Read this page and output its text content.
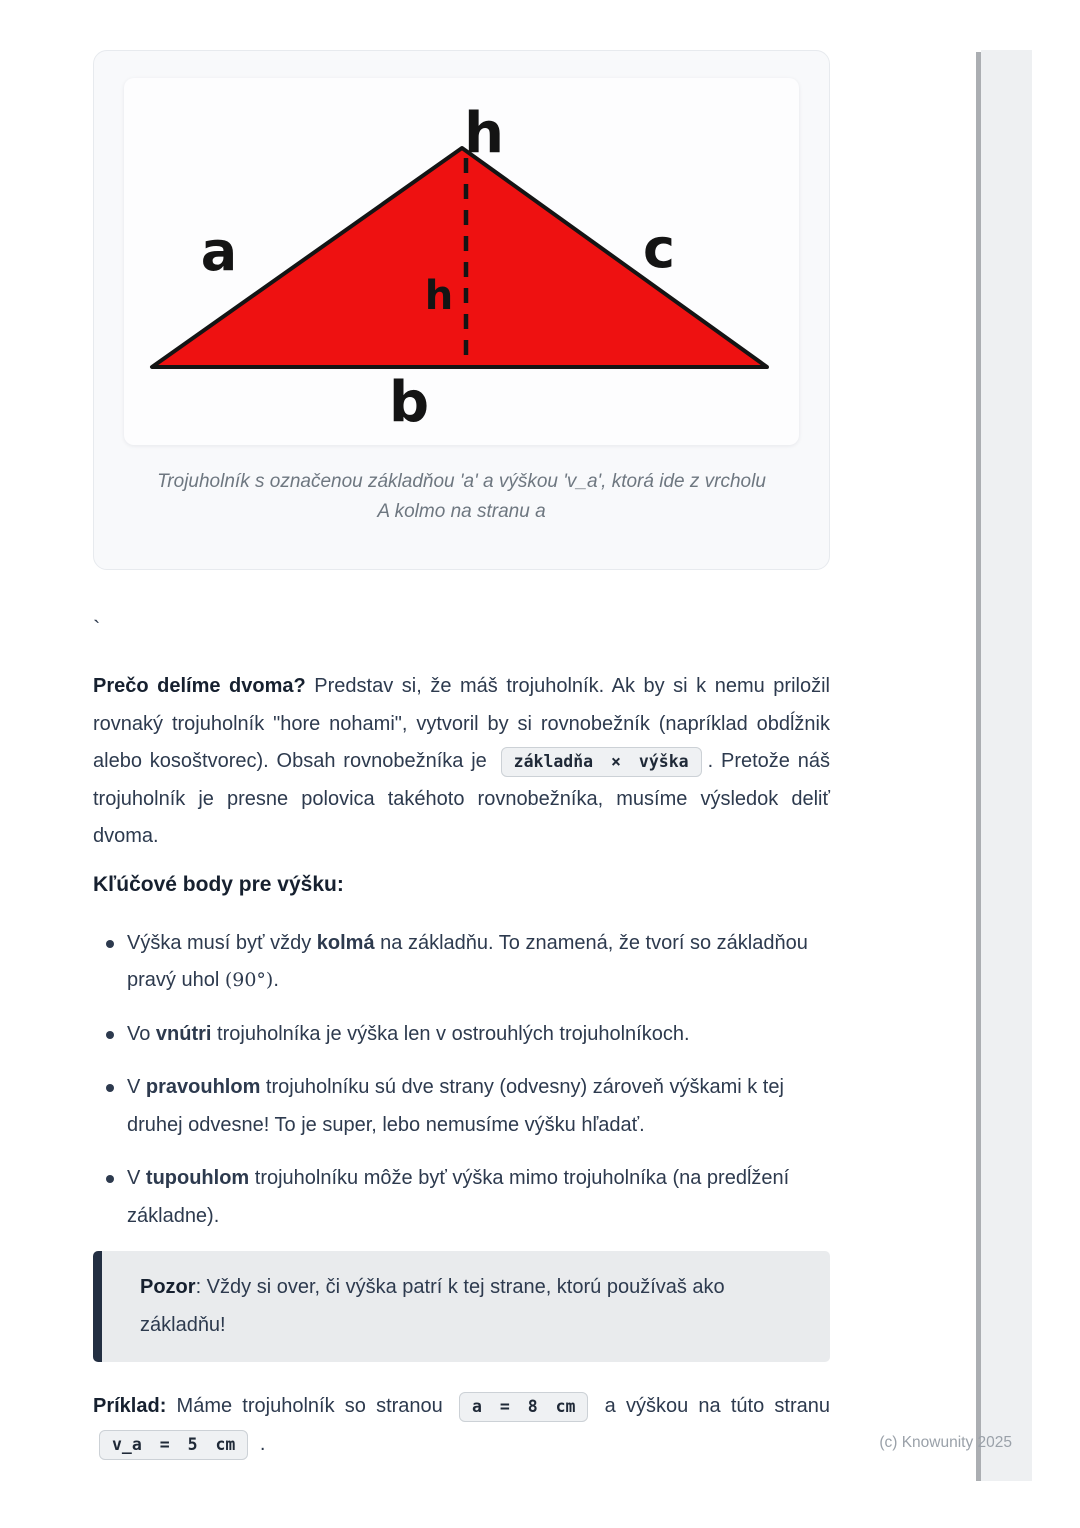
h
a	c
h
b
Trojuholník s označenou základňou 'a' a výškou 'v_a', ktorá ide z vrcholu A kolmo na stranu a
`

Prečo delíme dvoma? Predstav si, že máš trojuholník. Ak by si k nemu priložil rovnaký trojuholník "hore nohami", vytvoril by si rovnobežník (napríklad obdĺžnik alebo kosoštvorec). Obsah rovnobežníka je základňa × výška . Pretože náš trojuholník je presne polovica takéhoto rovnobežníka, musíme výsledok deliť dvoma.

Kľúčové body pre výšku:
Výška musí byť vždy kolmá na základňu. To znamená, že tvorí so základňou pravý uhol (90°).
Vo vnútri trojuholníka je výška len v ostrouhlých trojuholníkoch.
V pravouhlom trojuholníku sú dve strany (odvesny) zároveň výškami k tej druhej odvesne! To je super, lebo nemusíme výšku hľadať.
V tupouhlom trojuholníku môže byť výška mimo trojuholníka (na predĺžení základne).

Pozor: Vždy si over, či výška patrí k tej strane, ktorú používaš ako základňu!

Príklad: Máme trojuholník so stranou a = 8 cm a výškou na túto stranu v_a = 5 cm .	(c) Knowunity 2025
